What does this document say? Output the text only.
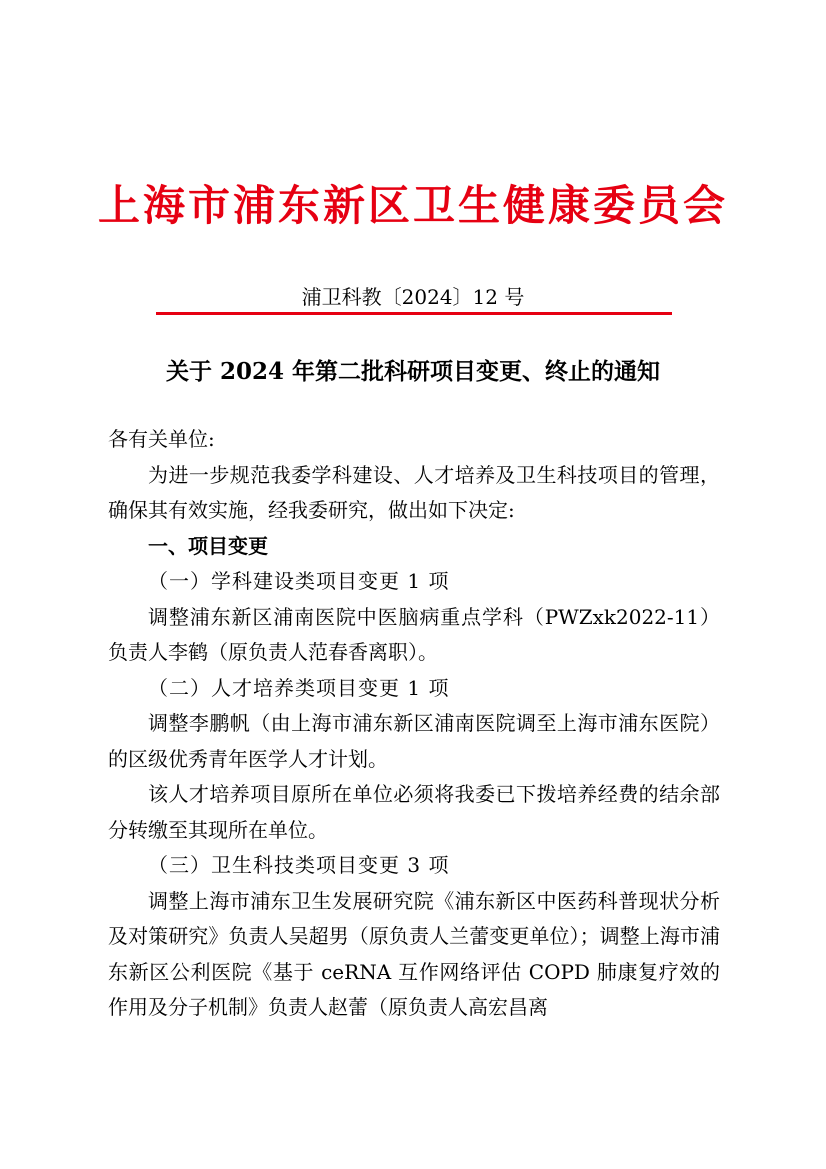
上海市浦东新区卫生健康委员会
浦卫科教〔2024〕12 号
关于 2024 年第二批科研项目变更、终止的通知

各有关单位:

为进一步规范我委学科建设、人才培养及卫生科技项目的管理，确保其有效实施，经我委研究，做出如下决定:

一、项目变更

（一）学科建设类项目变更 1 项

调整浦东新区浦南医院中医脑病重点学科（PWZxk2022-11）负责人李鹤（原负责人范春香离职）。

（二）人才培养类项目变更 1 项

调整李鹏帆（由上海市浦东新区浦南医院调至上海市浦东医院）的区级优秀青年医学人才计划。

该人才培养项目原所在单位必须将我委已下拨培养经费的结余部分转缴至其现所在单位。

（三）卫生科技类项目变更 3 项

调整上海市浦东卫生发展研究院《浦东新区中医药科普现状分析及对策研究》负责人吴超男（原负责人兰蕾变更单位）；调整上海市浦东新区公利医院《基于 ceRNA 互作网络评估 COPD 肺康复疗效的作用及分子机制》负责人赵蕾（原负责人高宏昌离
